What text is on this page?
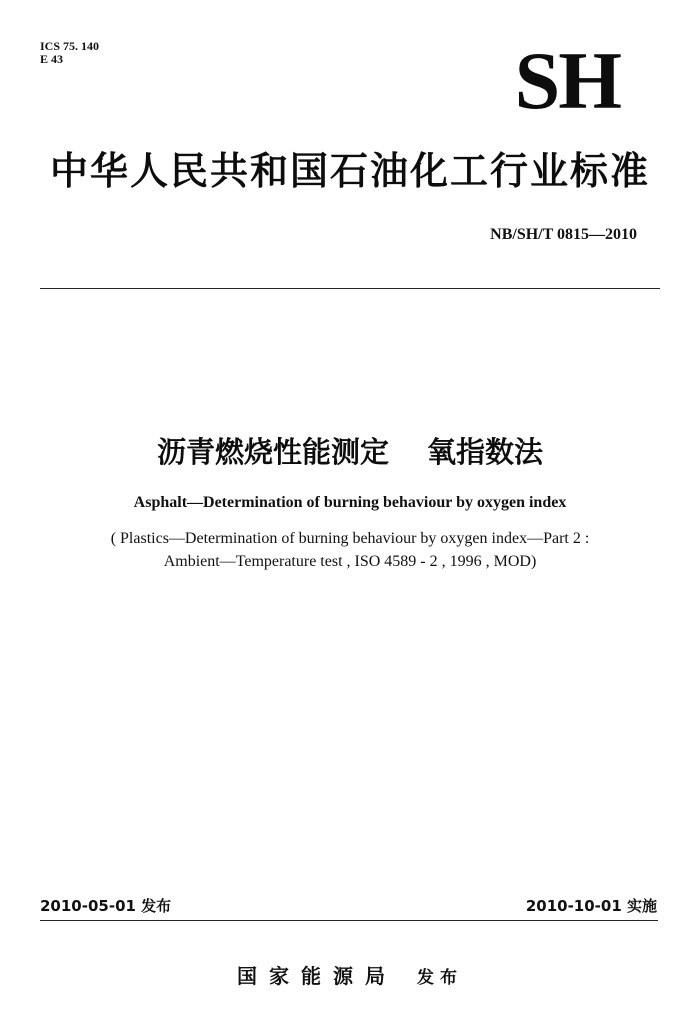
ICS 75. 140
E 43	SH
中华人民共和国石油化工行业标准
NB/SH/T 0815—2010
沥青燃烧性能测定 氧指数法
Asphalt—Determination of burning behaviour by oxygen index
( Plastics—Determination of burning behaviour by oxygen index—Part 2 :
Ambient—Temperature test , ISO 4589 - 2 , 1996 , MOD)
2010-05-01 发布	2010-10-01 实施
国家能源局 发布
